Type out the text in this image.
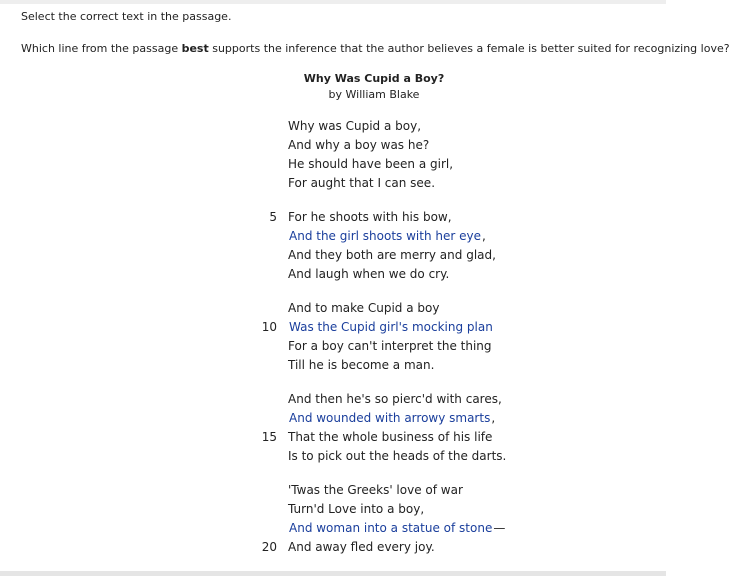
Select the correct text in the passage.
Which line from the passage best supports the inference that the author believes a female is better suited for recognizing love?
Why Was Cupid a Boy?
by William Blake
Why was Cupid a boy,
And why a boy was he?
He should have been a girl,
For aught that I can see.
5 For he shoots with his bow,
And the girl shoots with her eye,
And they both are merry and glad,
And laugh when we do cry.
And to make Cupid a boy
10 Was the Cupid girl's mocking plan
For a boy can't interpret the thing
Till he is become a man.
And then he's so pierc'd with cares,
And wounded with arrowy smarts,
15 That the whole business of his life
Is to pick out the heads of the darts.
'Twas the Greeks' love of war
Turn'd Love into a boy,
And woman into a statue of stone—
20 And away fled every joy.
